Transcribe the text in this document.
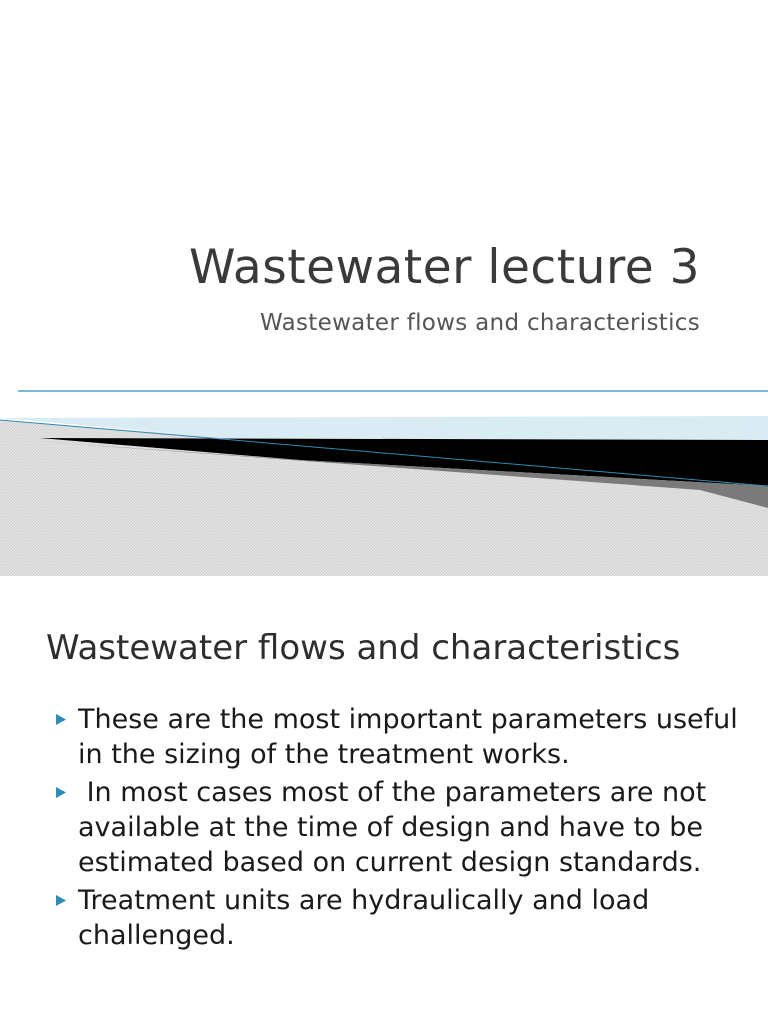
Wastewater lecture 3
Wastewater flows and characteristics
Wastewater flows and characteristics
These are the most important parameters useful in the sizing of the treatment works.
In most cases most of the parameters are not available at the time of design and have to be estimated based on current design standards.
Treatment units are hydraulically and load challenged.
